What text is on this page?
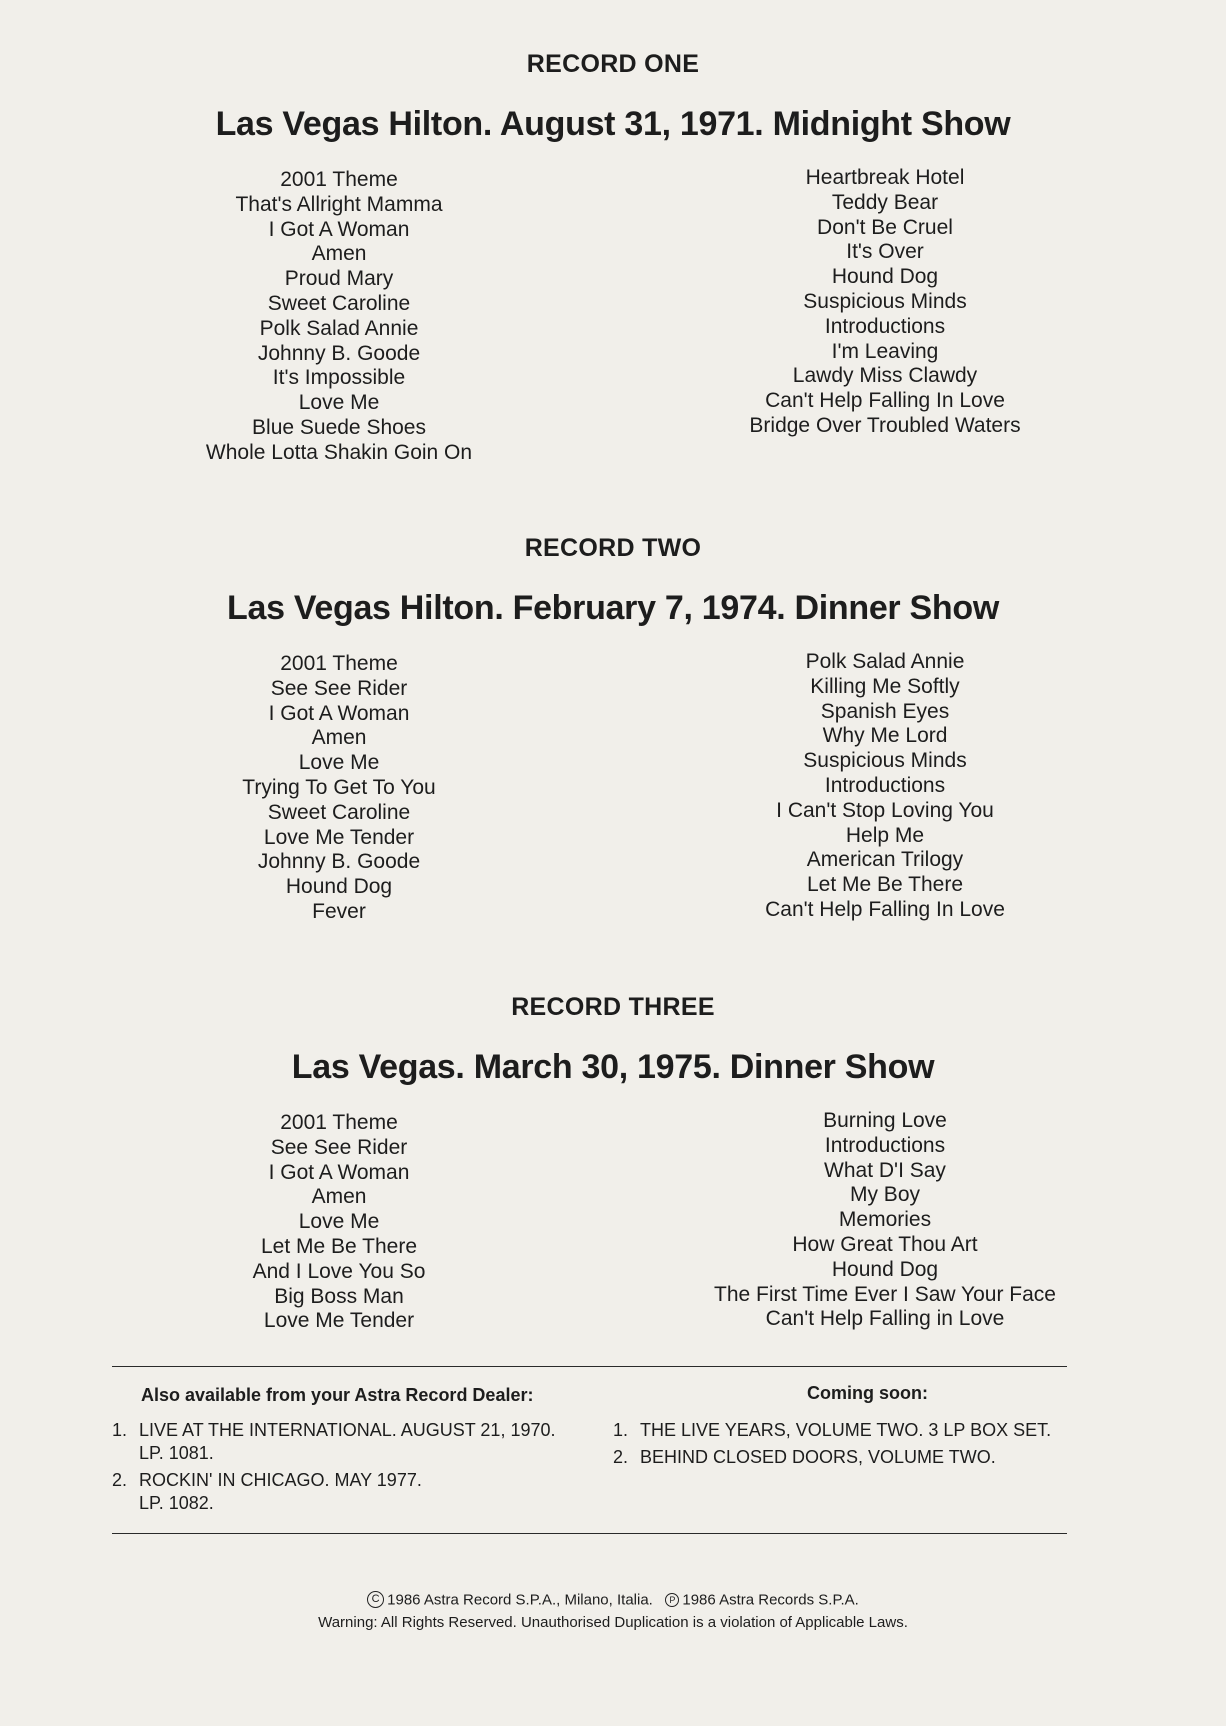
RECORD ONE
Las Vegas Hilton. August 31, 1971. Midnight Show
2001 Theme
That's Allright Mamma
I Got A Woman
Amen
Proud Mary
Sweet Caroline
Polk Salad Annie
Johnny B. Goode
It's Impossible
Love Me
Blue Suede Shoes
Whole Lotta Shakin Goin On
Heartbreak Hotel
Teddy Bear
Don't Be Cruel
It's Over
Hound Dog
Suspicious Minds
Introductions
I'm Leaving
Lawdy Miss Clawdy
Can't Help Falling In Love
Bridge Over Troubled Waters
RECORD TWO
Las Vegas Hilton. February 7, 1974. Dinner Show
2001 Theme
See See Rider
I Got A Woman
Amen
Love Me
Trying To Get To You
Sweet Caroline
Love Me Tender
Johnny B. Goode
Hound Dog
Fever
Polk Salad Annie
Killing Me Softly
Spanish Eyes
Why Me Lord
Suspicious Minds
Introductions
I Can't Stop Loving You
Help Me
American Trilogy
Let Me Be There
Can't Help Falling In Love
RECORD THREE
Las Vegas. March 30, 1975. Dinner Show
2001 Theme
See See Rider
I Got A Woman
Amen
Love Me
Let Me Be There
And I Love You So
Big Boss Man
Love Me Tender
Burning Love
Introductions
What D'I Say
My Boy
Memories
How Great Thou Art
Hound Dog
The First Time Ever I Saw Your Face
Can't Help Falling in Love
Also available from your Astra Record Dealer:
1. LIVE AT THE INTERNATIONAL. AUGUST 21, 1970.
LP. 1081.
2. ROCKIN' IN CHICAGO. MAY 1977.
LP. 1082.
Coming soon:
1. THE LIVE YEARS, VOLUME TWO. 3 LP BOX SET.
2. BEHIND CLOSED DOORS, VOLUME TWO.
C 1986 Astra Record S.P.A., Milano, Italia. P 1986 Astra Records S.P.A.
Warning: All Rights Reserved. Unauthorised Duplication is a violation of Applicable Laws.
